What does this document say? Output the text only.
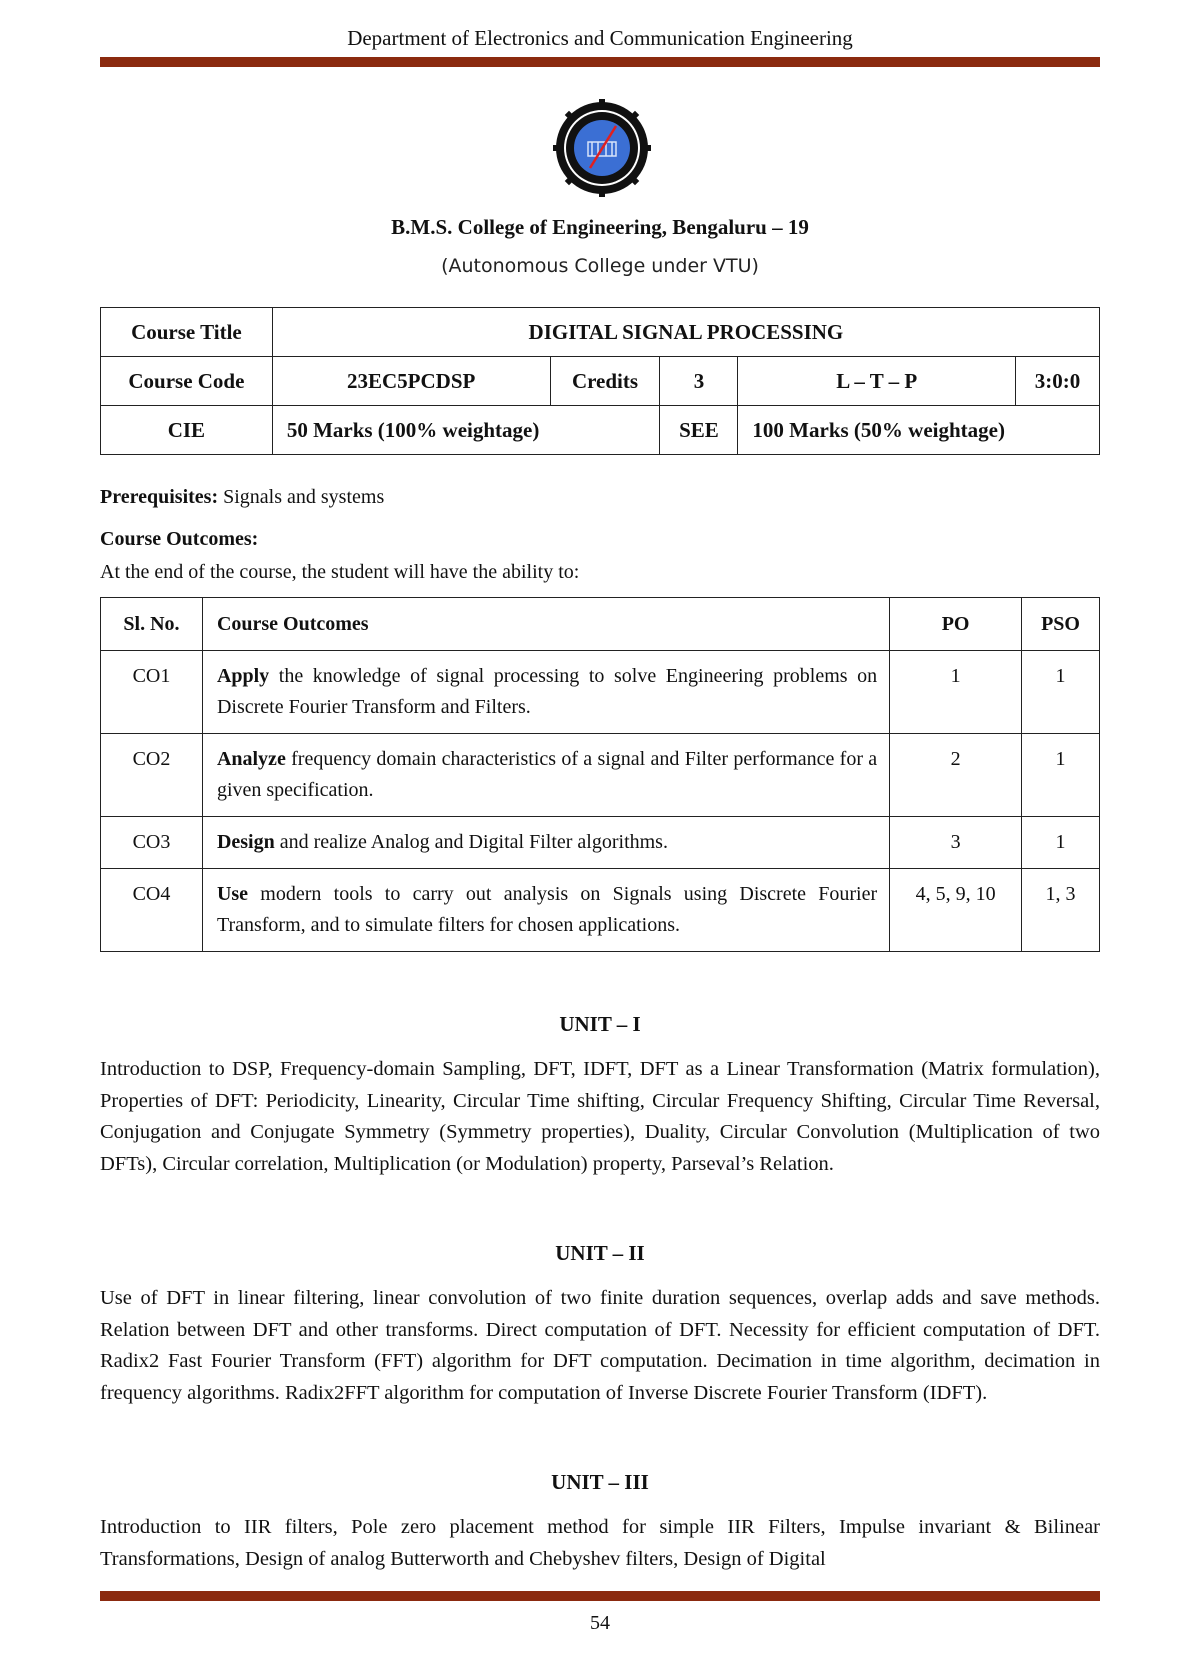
Department of Electronics and Communication Engineering
B.M.S. College of Engineering, Bengaluru – 19
(Autonomous College under VTU)
Course Title	DIGITAL SIGNAL PROCESSING				
Course Code	23EC5PCDSP	Credits	3	L – T – P	3:0:0
CIE	50 Marks (100% weightage)		SEE	100 Marks (50% weightage)	
Prerequisites: Signals and systems
Course Outcomes:
At the end of the course, the student will have the ability to:
Sl. No.	Course Outcomes	PO	PSO
CO1	Apply the knowledge of signal processing to solve Engineering problems on Discrete Fourier Transform and Filters.	1	1
CO2	Analyze frequency domain characteristics of a signal and Filter performance for a given specification.	2	1
CO3	Design and realize Analog and Digital Filter algorithms.	3	1
CO4	Use modern tools to carry out analysis on Signals using Discrete Fourier Transform, and to simulate filters for chosen applications.	4, 5, 9, 10	1, 3
UNIT – I
Introduction to DSP, Frequency-domain Sampling, DFT, IDFT, DFT as a Linear Transformation (Matrix formulation), Properties of DFT: Periodicity, Linearity, Circular Time shifting, Circular Frequency Shifting, Circular Time Reversal, Conjugation and Conjugate Symmetry (Symmetry properties), Duality, Circular Convolution (Multiplication of two DFTs), Circular correlation, Multiplication (or Modulation) property, Parseval’s Relation.
UNIT – II
Use of DFT in linear filtering, linear convolution of two finite duration sequences, overlap adds and save methods. Relation between DFT and other transforms. Direct computation of DFT. Necessity for efficient computation of DFT. Radix2 Fast Fourier Transform (FFT) algorithm for DFT computation. Decimation in time algorithm, decimation in frequency algorithms. Radix2FFT algorithm for computation of Inverse Discrete Fourier Transform (IDFT).
UNIT – III
Introduction to IIR filters, Pole zero placement method for simple IIR Filters, Impulse invariant & Bilinear Transformations, Design of analog Butterworth and Chebyshev filters, Design of Digital
54
